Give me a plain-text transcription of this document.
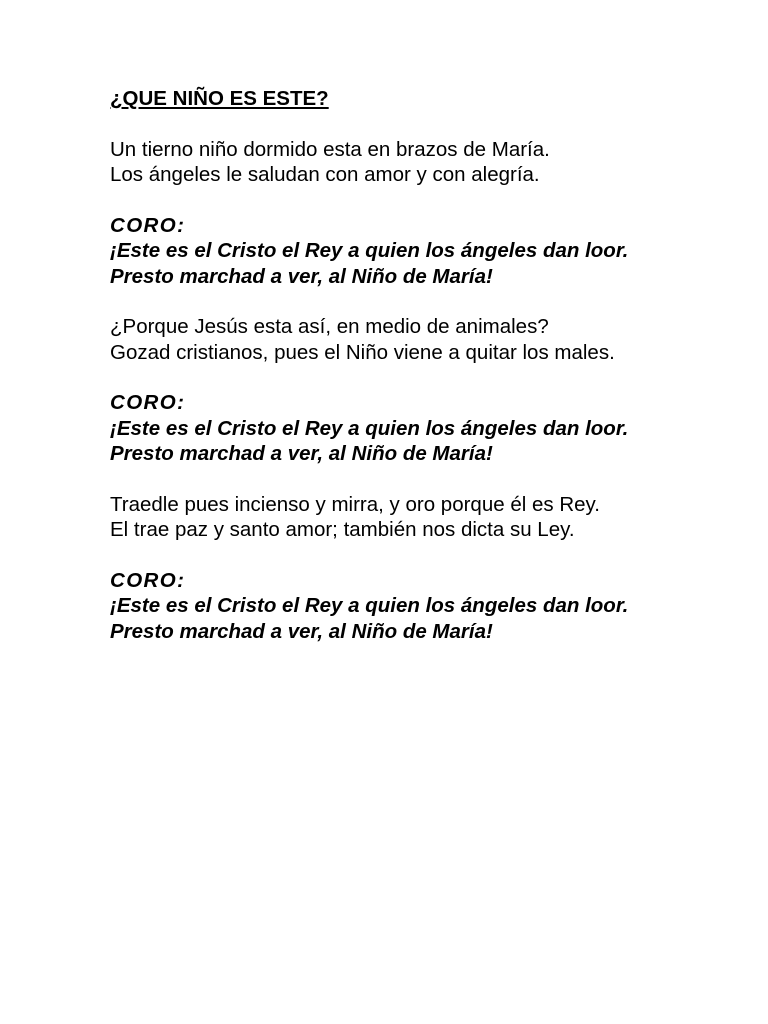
¿QUE NIÑO ES ESTE?

Un tierno niño dormido esta en brazos de María.

Los ángeles le saludan con amor y con alegría.

CORO:

¡Este es el Cristo el Rey a quien los ángeles dan loor.

Presto marchad a ver, al Niño de María!

¿Porque Jesús esta así, en medio de animales?

Gozad cristianos, pues el Niño viene a quitar los males.

CORO:

¡Este es el Cristo el Rey a quien los ángeles dan loor.

Presto marchad a ver, al Niño de María!

Traedle pues incienso y mirra, y oro porque él es Rey.

El trae paz y santo amor; también nos dicta su Ley.

CORO:

¡Este es el Cristo el Rey a quien los ángeles dan loor.

Presto marchad a ver, al Niño de María!
